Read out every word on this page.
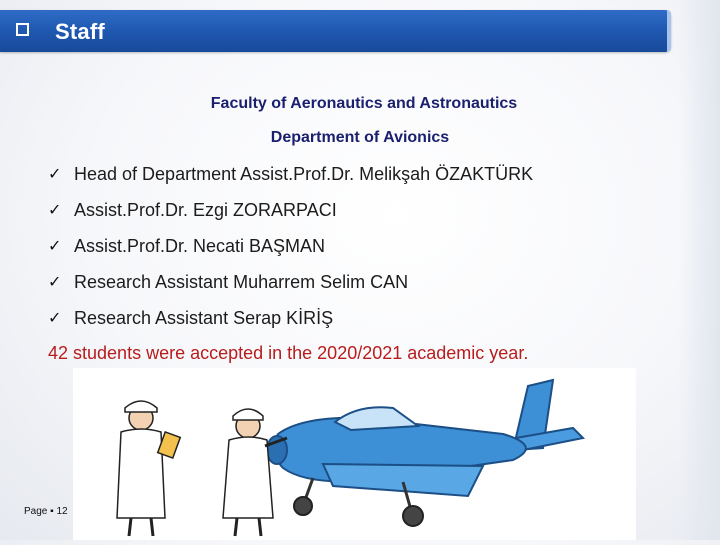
Staff
Faculty of Aeronautics and Astronautics
Department of Avionics
✓ Head of Department Assist.Prof.Dr. Melikşah ÖZAKTÜRK
✓ Assist.Prof.Dr. Ezgi ZORARPACI
✓ Assist.Prof.Dr. Necati BAŞMAN
✓ Research Assistant Muharrem Selim CAN
✓ Research Assistant Serap KİRİŞ
42 students were accepted in the 2020/2021 academic year.
Page ▪ 12
